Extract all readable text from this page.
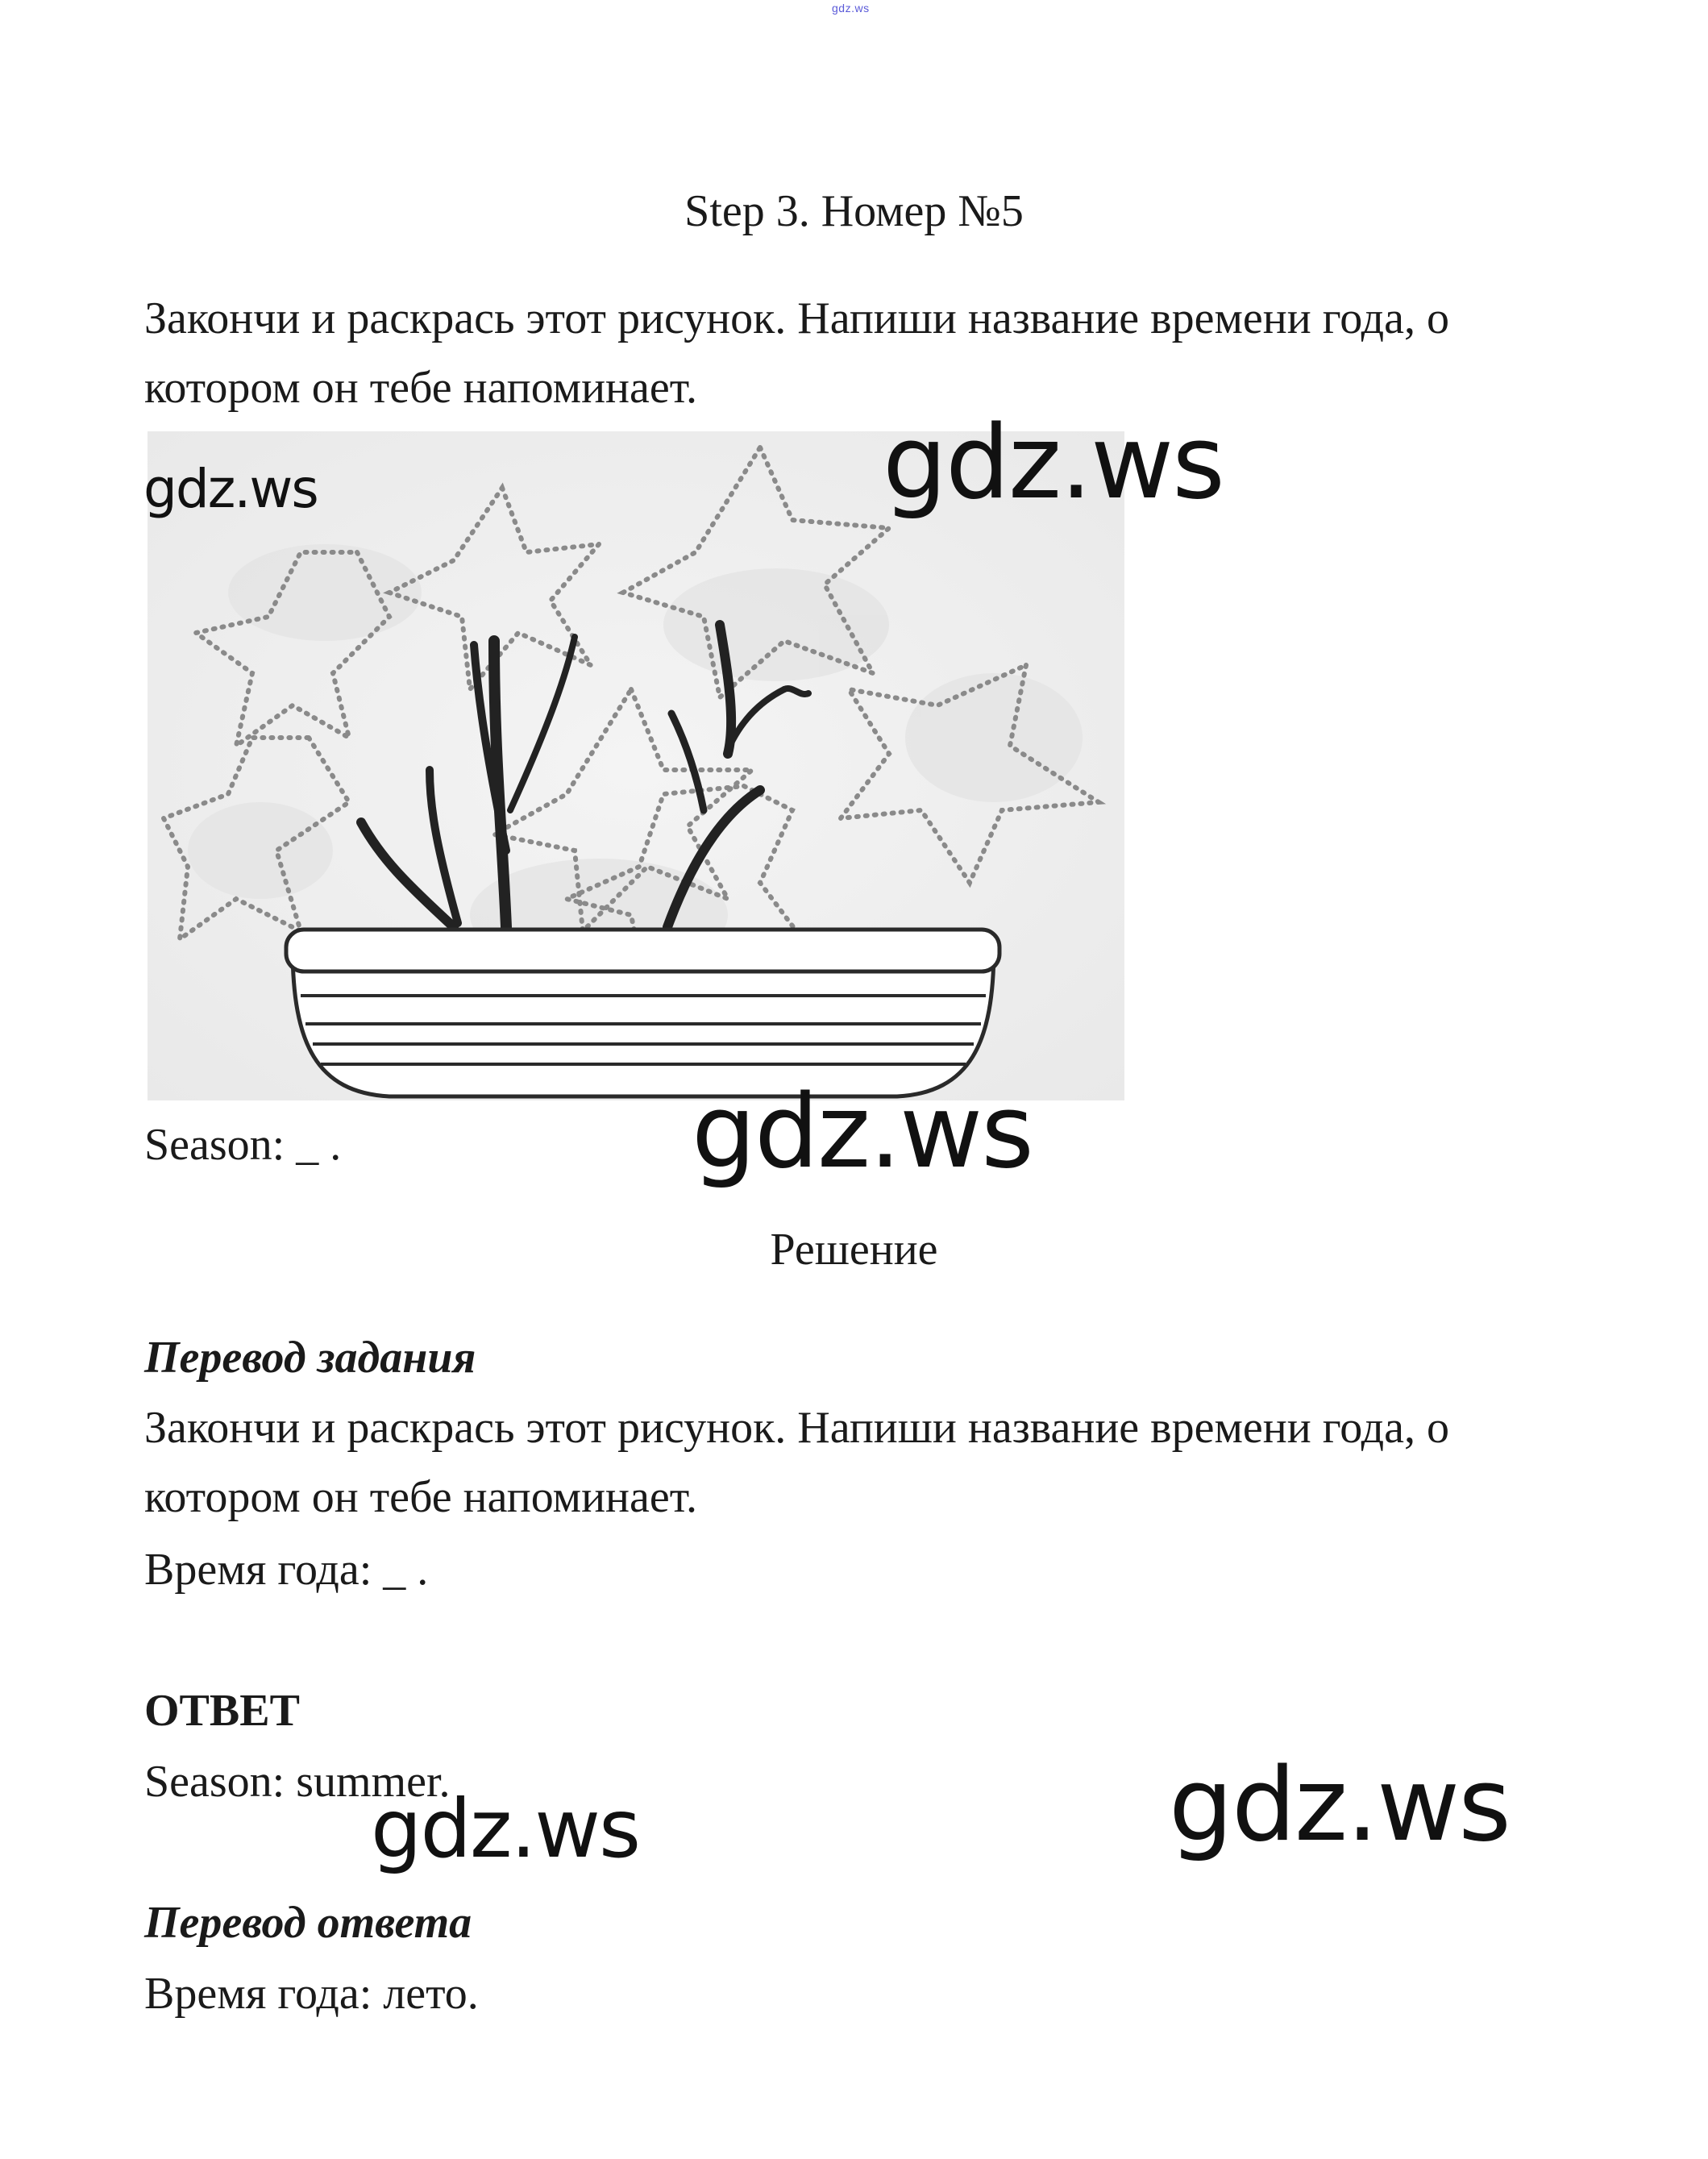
gdz.ws
Step 3. Номер №5
Закончи и раскрась этот рисунок. Напиши название времени года, о котором он тебе напоминает.
Season: _ .
Решение
Перевод задания
Закончи и раскрась этот рисунок. Напиши название времени года, о котором он тебе напоминает.
Время года: _ .
ОТВЕТ
Season: summer.
Перевод ответа
Время года: лето.
gdz.ws	gdz.ws
gdz.ws
gdz.ws	gdz.ws
